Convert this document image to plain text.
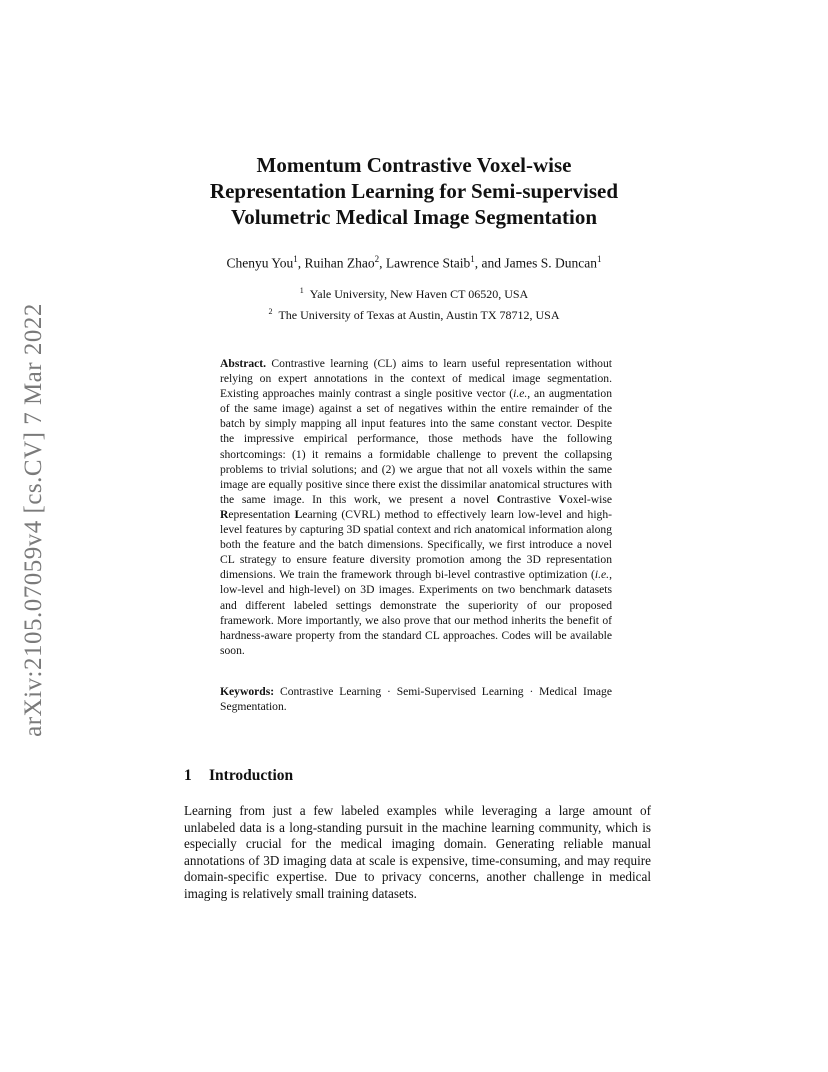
arXiv:2105.07059v4 [cs.CV] 7 Mar 2022
Momentum Contrastive Voxel-wise
Representation Learning for Semi-supervised
Volumetric Medical Image Segmentation
Chenyu You$^1$, Ruihan Zhao$^2$, Lawrence Staib$^1$, and James S. Duncan$^1$
$^1$ Yale University, New Haven CT 06520, USA
$^2$ The University of Texas at Austin, Austin TX 78712, USA
Abstract. Contrastive learning (CL) aims to learn useful representation without relying on expert annotations in the context of medical image segmentation. Existing approaches mainly contrast a single positive vector (i.e., an augmentation of the same image) against a set of negatives within the entire remainder of the batch by simply mapping all input features into the same constant vector. Despite the impressive empirical performance, those methods have the following shortcomings: (1) it remains a formidable challenge to prevent the collapsing problems to trivial solutions; and (2) we argue that not all voxels within the same image are equally positive since there exist the dissimilar anatomical structures with the same image. In this work, we present a novel Contrastive Voxel-wise Representation Learning (CVRL) method to effectively learn low-level and high-level features by capturing 3D spatial context and rich anatomical information along both the feature and the batch dimensions. Specifically, we first introduce a novel CL strategy to ensure feature diversity promotion among the 3D representation dimensions. We train the framework through bi-level contrastive optimization (i.e., low-level and high-level) on 3D images. Experiments on two benchmark datasets and different labeled settings demonstrate the superiority of our proposed framework. More importantly, we also prove that our method inherits the benefit of hardness-aware property from the standard CL approaches. Codes will be available soon.
Keywords: Contrastive Learning · Semi-Supervised Learning · Medical Image Segmentation.
1 Introduction
Learning from just a few labeled examples while leveraging a large amount of unlabeled data is a long-standing pursuit in the machine learning community, which is especially crucial for the medical imaging domain. Generating reliable manual annotations of 3D imaging data at scale is expensive, time-consuming, and may require domain-specific expertise. Due to privacy concerns, another challenge in medical imaging is relatively small training datasets.
